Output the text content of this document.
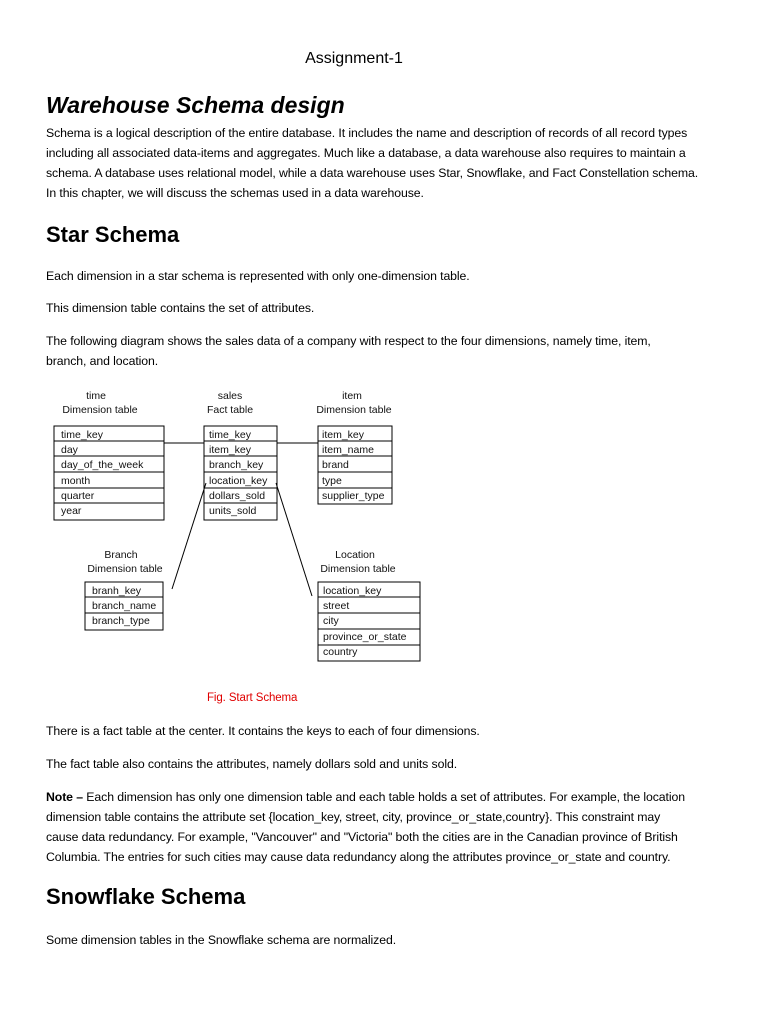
Assignment-1
Warehouse Schema design
Schema is a logical description of the entire database. It includes the name and description of records of all record types
including all associated data-items and aggregates. Much like a database, a data warehouse also requires to maintain a
schema. A database uses relational model, while a data warehouse uses Star, Snowflake, and Fact Constellation schema.
In this chapter, we will discuss the schemas used in a data warehouse.
Star Schema
Each dimension in a star schema is represented with only one-dimension table.
This dimension table contains the set of attributes.
The following diagram shows the sales data of a company with respect to the four dimensions, namely time, item,
branch, and location.
time
Dimension table
time_key
day
day_of_the_week
month
quarter
year
sales
Fact table
time_key
item_key
branch_key
location_key
dollars_sold
units_sold
item
Dimension table
item_key
item_name
brand
type
supplier_type
Branch
Dimension table
branh_key
branch_name
branch_type
Location
Dimension table
location_key
street
city
province_or_state
country
Fig. Start Schema
There is a fact table at the center. It contains the keys to each of four dimensions.
The fact table also contains the attributes, namely dollars sold and units sold.
Note – Each dimension has only one dimension table and each table holds a set of attributes. For example, the location
dimension table contains the attribute set {location_key, street, city, province_or_state,country}. This constraint may
cause data redundancy. For example, "Vancouver" and "Victoria" both the cities are in the Canadian province of British
Columbia. The entries for such cities may cause data redundancy along the attributes province_or_state and country.
Snowflake Schema
Some dimension tables in the Snowflake schema are normalized.
